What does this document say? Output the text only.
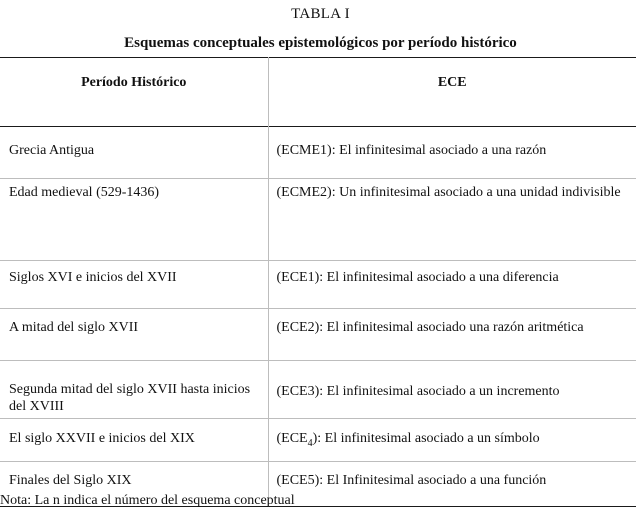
TABLA I
Esquemas conceptuales epistemológicos por período histórico
Período Histórico	ECE

Grecia Antigua	(ECME1): El infinitesimal asociado a una razón

Edad medieval (529-1436)	(ECME2): Un infinitesimal asociado a una unidad indivisible

Siglos XVI e inicios del XVII	(ECE1): El infinitesimal asociado a una diferencia

A mitad del siglo XVII	(ECE2): El infinitesimal asociado una razón aritmética

Segunda mitad del siglo XVII hasta inicios del XVIII	(ECE3): El infinitesimal asociado a un incremento

El siglo XXVII e inicios del XIX	$(ECE_4)$: El infinitesimal asociado a un símbolo

Finales del Siglo XIX	(ECE5): El Infinitesimal asociado a una función
Nota: La n indica el número del esquema conceptual
